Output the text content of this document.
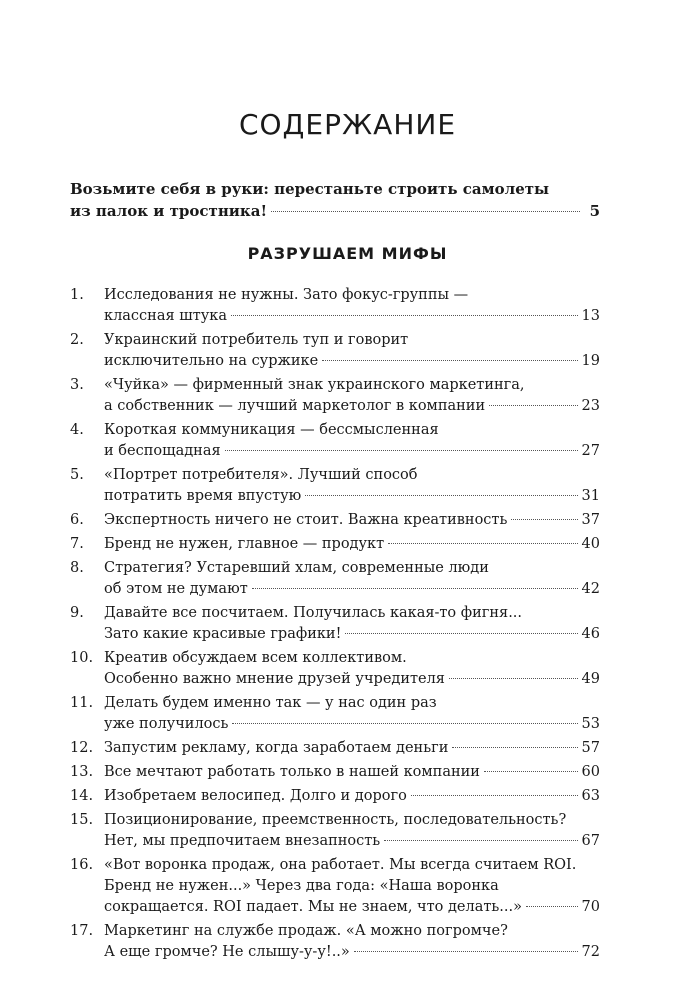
СОДЕРЖАНИЕ
Возьмите себя в руки: перестаньте строить самолеты
из палок и тростника!	5
РАЗРУШАЕМ МИФЫ
1.	Исследования не нужны. Зато фокус-группы —
классная штука	13
2.	Украинский потребитель туп и говорит
исключительно на суржике	19
3.	«Чуйка» — фирменный знак украинского маркетинга,
а собственник — лучший маркетолог в компании	23
4.	Короткая коммуникация — бессмысленная
и беспощадная	27
5.	«Портрет потребителя». Лучший способ
потратить время впустую	31
6.	Экспертность ничего не стоит. Важна креативность	37
7.	Бренд не нужен, главное — продукт	40
8.	Стратегия? Устаревший хлам, современные люди
об этом не думают	42
9.	Давайте все посчитаем. Получилась какая-то фигня...
Зато какие красивые графики!	46
10. Креатив обсуждаем всем коллективом.
Особенно важно мнение друзей учредителя	49
11. Делать будем именно так — у нас один раз
уже получилось	53
12. Запустим рекламу, когда заработаем деньги	57
13. Все мечтают работать только в нашей компании	60
14. Изобретаем велосипед. Долго и дорого	63
15. Позиционирование, преемственность, последовательность?
Нет, мы предпочитаем внезапность	67
16. «Вот воронка продаж, она работает. Мы всегда считаем ROI.
Бренд не нужен...» Через два года: «Наша воронка
сокращается. ROI падает. Мы не знаем, что делать...»	70
17. Маркетинг на службе продаж. «А можно погромче?
А еще громче? Не слышу-у-у!..»	72
